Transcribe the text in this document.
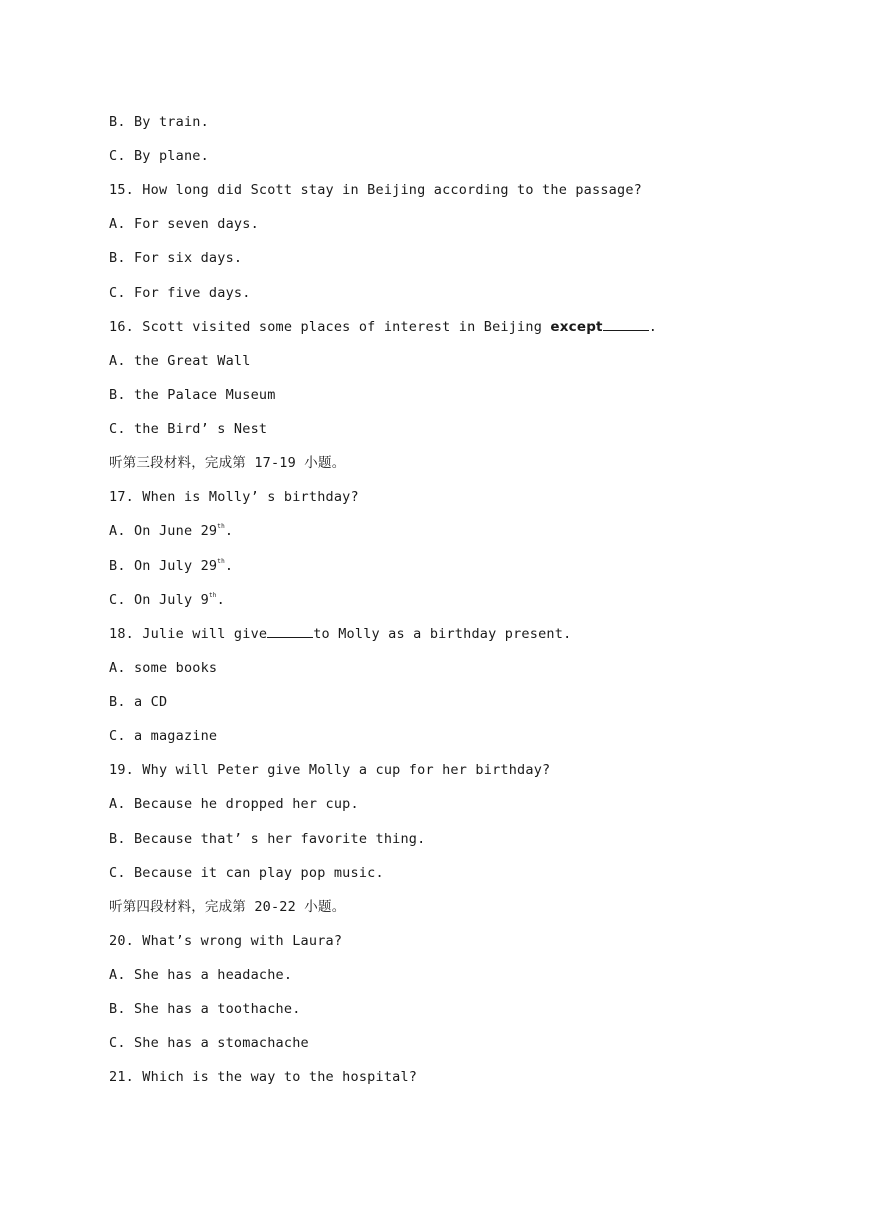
B. By train.
C. By plane.
15. How long did Scott stay in Beijing according to the passage?
A. For seven days.
B. For six days.
C. For five days.
16. Scott visited some places of interest in Beijing except	.
A. the Great Wall
B. the Palace Museum
C. the Bird’ s Nest
听第三段材料，完成第 17-19 小题。
17. When is Molly’ s birthday?
A. On June 29th.
B. On July 29th.
C. On July 9th.
18. Julie will give	to Molly as a birthday present.
A. some books
B. a CD
C. a magazine
19. Why will Peter give Molly a cup for her birthday?
A. Because he dropped her cup.
B. Because that’ s her favorite thing.
C. Because it can play pop music.
听第四段材料，完成第 20-22 小题。
20. What’s wrong with Laura?
A. She has a headache.
B. She has a toothache.
C. She has a stomachache
21. Which is the way to the hospital?
